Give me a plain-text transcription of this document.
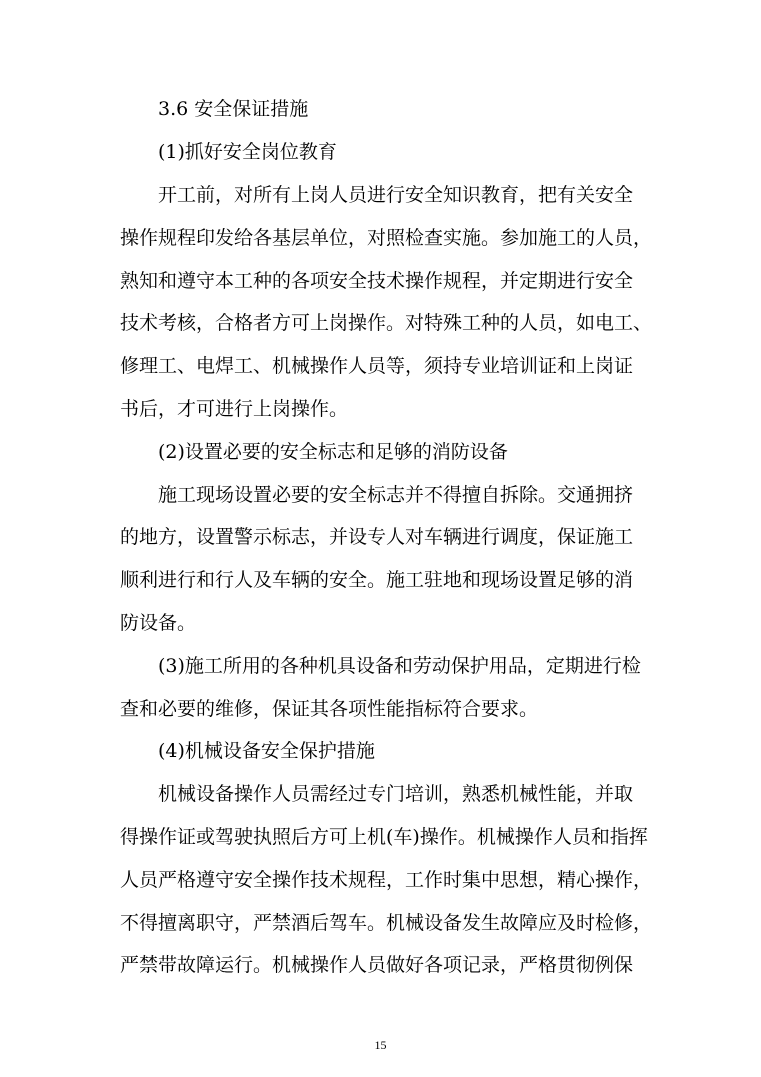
3.6 安全保证措施
(1)抓好安全岗位教育
开工前，对所有上岗人员进行安全知识教育，把有关安全
操作规程印发给各基层单位，对照检查实施。参加施工的人员，
熟知和遵守本工种的各项安全技术操作规程，并定期进行安全
技术考核，合格者方可上岗操作。对特殊工种的人员，如电工、
修理工、电焊工、机械操作人员等，须持专业培训证和上岗证
书后，才可进行上岗操作。
(2)设置必要的安全标志和足够的消防设备
施工现场设置必要的安全标志并不得擅自拆除。交通拥挤
的地方，设置警示标志，并设专人对车辆进行调度，保证施工
顺利进行和行人及车辆的安全。施工驻地和现场设置足够的消
防设备。
(3)施工所用的各种机具设备和劳动保护用品，定期进行检
查和必要的维修，保证其各项性能指标符合要求。
(4)机械设备安全保护措施
机械设备操作人员需经过专门培训，熟悉机械性能，并取
得操作证或驾驶执照后方可上机(车)操作。机械操作人员和指挥
人员严格遵守安全操作技术规程，工作时集中思想，精心操作，
不得擅离职守，严禁酒后驾车。机械设备发生故障应及时检修，
严禁带故障运行。机械操作人员做好各项记录，严格贯彻例保
15
